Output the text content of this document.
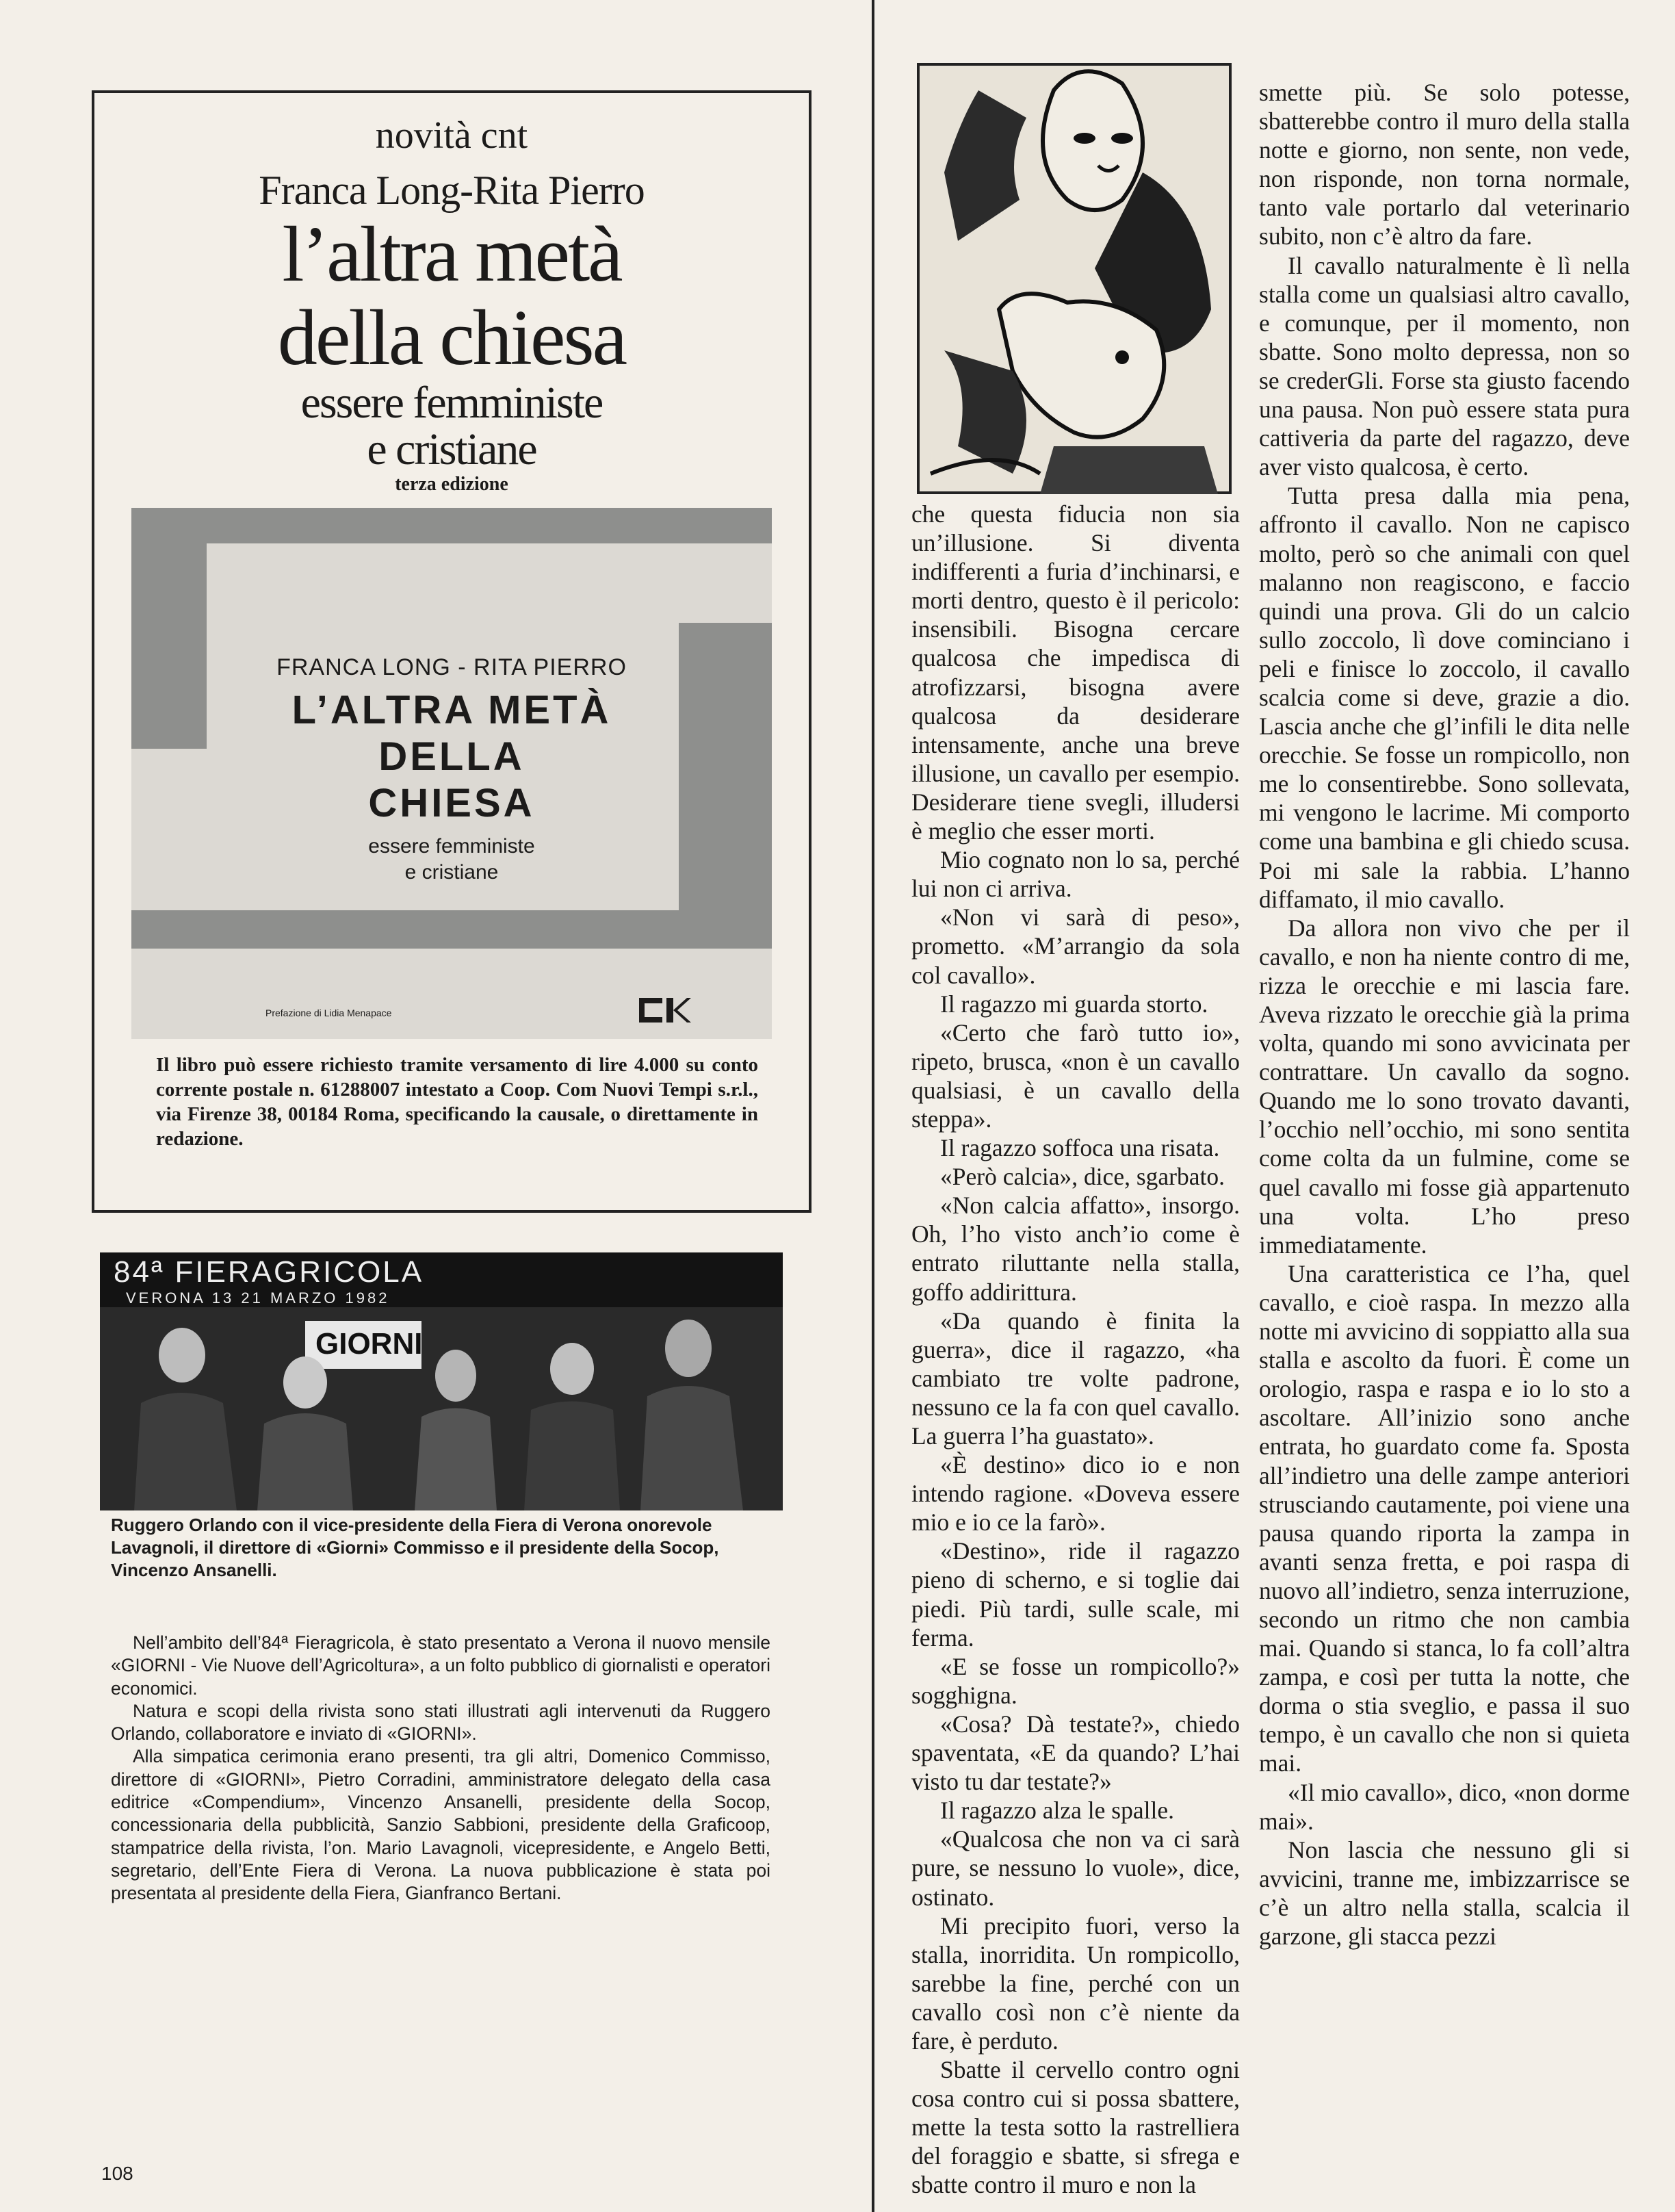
novità cnt
Franca Long-Rita Pierro
l’altra metà
della chiesa
essere femministe
e cristiane
terza edizione
FRANCA LONG - RITA PIERRO
L’ALTRA METÀ
DELLA
CHIESA
essere femministe
e cristiane
Prefazione di Lidia Menapace
Il libro può essere richiesto tramite versamento di lire 4.000 su conto corrente postale n. 61288007 intestato a Coop. Com Nuovi Tempi s.r.l., via Firenze 38, 00184 Roma, specificando la causale, o direttamente in redazione.
84ª FIERAGRICOLA
VERONA 13 21 MARZO 1982
GIORNI
Ruggero Orlando con il vice-presidente della Fiera di Verona onorevole Lavagnoli, il direttore di «Giorni» Commisso e il presidente della Socop, Vincenzo Ansanelli.

Nell’ambito dell’84ª Fieragricola, è stato presentato a Verona il nuovo mensile «GIORNI - Vie Nuove dell’Agricoltura», a un folto pubblico di giornalisti e operatori economici.

Natura e scopi della rivista sono stati illustrati agli intervenuti da Ruggero Orlando, collaboratore e inviato di «GIORNI».

Alla simpatica cerimonia erano presenti, tra gli altri, Domenico Commisso, direttore di «GIORNI», Pietro Corradini, amministratore delegato della casa editrice «Compendium», Vincenzo Ansanelli, presidente della Socop, concessionaria della pubblicità, Sanzio Sabbioni, presidente della Graficoop, stampatrice della rivista, l’on. Mario Lavagnoli, vicepresidente, e Angelo Betti, segretario, dell’Ente Fiera di Verona. La nuova pubblicazione è stata poi presentata al presidente della Fiera, Gianfranco Bertani.

108

che questa fiducia non sia un’illusione. Si diventa indifferenti a furia d’inchinarsi, e morti dentro, questo è il pericolo: insensibili. Bisogna cercare qualcosa che impedisca di atrofizzarsi, bisogna avere qualcosa da desiderare intensamente, anche una breve illusione, un cavallo per esempio. Desiderare tiene svegli, illudersi è meglio che esser morti.

Mio cognato non lo sa, perché lui non ci arriva.

«Non vi sarà di peso», prometto. «M’arrangio da sola col cavallo».

Il ragazzo mi guarda storto.

«Certo che farò tutto io», ripeto, brusca, «non è un cavallo qualsiasi, è un cavallo della steppa».

Il ragazzo soffoca una risata.

«Però calcia», dice, sgarbato.

«Non calcia affatto», insorgo. Oh, l’ho visto anch’io come è entrato riluttante nella stalla, goffo addirittura.

«Da quando è finita la guerra», dice il ragazzo, «ha cambiato tre volte padrone, nessuno ce la fa con quel cavallo. La guerra l’ha guastato».

«È destino» dico io e non intendo ragione. «Doveva essere mio e io ce la farò».

«Destino», ride il ragazzo pieno di scherno, e si toglie dai piedi. Più tardi, sulle scale, mi ferma.

«E se fosse un rompicollo?» sogghigna.

«Cosa? Dà testate?», chiedo spaventata, «E da quando? L’hai visto tu dar testate?»

Il ragazzo alza le spalle.

«Qualcosa che non va ci sarà pure, se nessuno lo vuole», dice, ostinato.

Mi precipito fuori, verso la stalla, inorridita. Un rompicollo, sarebbe la fine, perché con un cavallo così non c’è niente da fare, è perduto.

Sbatte il cervello contro ogni cosa contro cui si possa sbattere, mette la testa sotto la rastrelliera del foraggio e sbatte, si sfrega e sbatte contro il muro e non la

smette più. Se solo potesse, sbatterebbe contro il muro della stalla notte e giorno, non sente, non vede, non risponde, non torna normale, tanto vale portarlo dal veterinario subito, non c’è altro da fare.

Il cavallo naturalmente è lì nella stalla come un qualsiasi altro cavallo, e comunque, per il momento, non sbatte. Sono molto depressa, non so se crederGli. Forse sta giusto facendo una pausa. Non può essere stata pura cattiveria da parte del ragazzo, deve aver visto qualcosa, è certo.

Tutta presa dalla mia pena, affronto il cavallo. Non ne capisco molto, però so che animali con quel malanno non reagiscono, e faccio quindi una prova. Gli do un calcio sullo zoccolo, lì dove cominciano i peli e finisce lo zoccolo, il cavallo scalcia come si deve, grazie a dio. Lascia anche che gl’infili le dita nelle orecchie. Se fosse un rompicollo, non me lo consentirebbe. Sono sollevata, mi vengono le lacrime. Mi comporto come una bambina e gli chiedo scusa. Poi mi sale la rabbia. L’hanno diffamato, il mio cavallo.

Da allora non vivo che per il cavallo, e non ha niente contro di me, rizza le orecchie e mi lascia fare. Aveva rizzato le orecchie già la prima volta, quando mi sono avvicinata per contrattare. Un cavallo da sogno. Quando me lo sono trovato davanti, l’occhio nell’occhio, mi sono sentita come colta da un fulmine, come se quel cavallo mi fosse già appartenuto una volta. L’ho preso immediatamente.

Una caratteristica ce l’ha, quel cavallo, e cioè raspa. In mezzo alla notte mi avvicino di soppiatto alla sua stalla e ascolto da fuori. È come un orologio, raspa e raspa e io lo sto a ascoltare. All’inizio sono anche entrata, ho guardato come fa. Sposta all’indietro una delle zampe anteriori strusciando cautamente, poi viene una pausa quando riporta la zampa in avanti senza fretta, e poi raspa di nuovo all’indietro, senza interruzione, secondo un ritmo che non cambia mai. Quando si stanca, lo fa coll’altra zampa, e così per tutta la notte, che dorma o stia sveglio, e passa il suo tempo, è un cavallo che non si quieta mai.

«Il mio cavallo», dico, «non dorme mai».

Non lascia che nessuno gli si avvicini, tranne me, imbizzarrisce se c’è un altro nella stalla, scalcia il garzone, gli stacca pezzi
